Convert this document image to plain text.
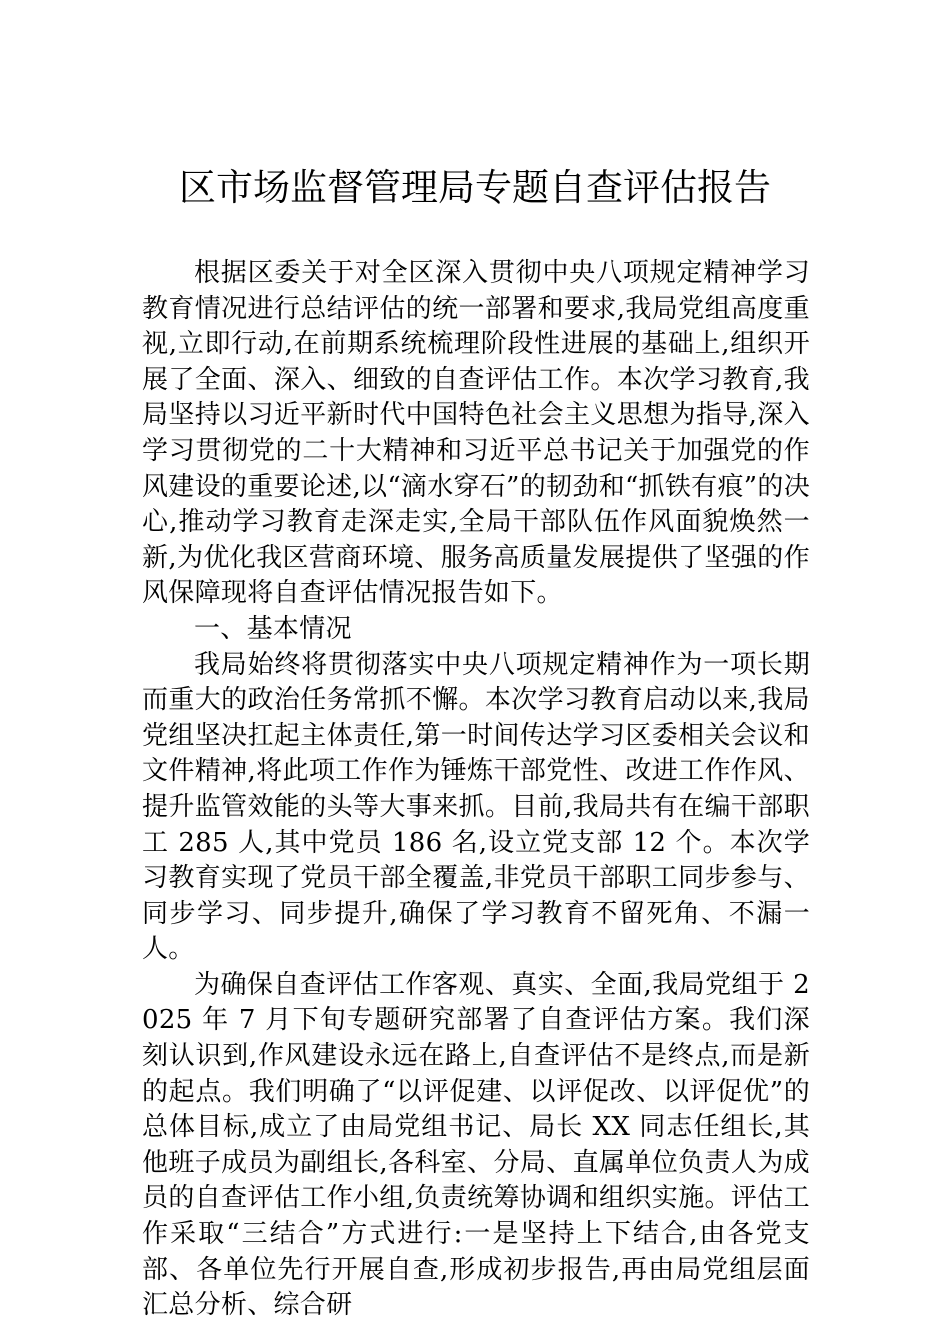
区市场监督管理局专题自查评估报告

根据区委关于对全区深入贯彻中央八项规定精神学习教育情况进行总结评估的统一部署和要求,我局党组高度重视,立即行动,在前期系统梳理阶段性进展的基础上,组织开展了全面、深入、细致的自查评估工作。本次学习教育,我局坚持以习近平新时代中国特色社会主义思想为指导,深入学习贯彻党的二十大精神和习近平总书记关于加强党的作风建设的重要论述,以“滴水穿石”的韧劲和“抓铁有痕”的决心,推动学习教育走深走实,全局干部队伍作风面貌焕然一新,为优化我区营商环境、服务高质量发展提供了坚强的作风保障现将自查评估情况报告如下。

一、基本情况

我局始终将贯彻落实中央八项规定精神作为一项长期而重大的政治任务常抓不懈。本次学习教育启动以来,我局党组坚决扛起主体责任,第一时间传达学习区委相关会议和文件精神,将此项工作作为锤炼干部党性、改进工作作风、提升监管效能的头等大事来抓。目前,我局共有在编干部职工 285 人,其中党员 186 名,设立党支部 12 个。本次学习教育实现了党员干部全覆盖,非党员干部职工同步参与、同步学习、同步提升,确保了学习教育不留死角、不漏一人。

为确保自查评估工作客观、真实、全面,我局党组于 2025 年 7 月下旬专题研究部署了自查评估方案。我们深刻认识到,作风建设永远在路上,自查评估不是终点,而是新的起点。我们明确了“以评促建、以评促改、以评促优”的总体目标,成立了由局党组书记、局长 XX 同志任组长,其他班子成员为副组长,各科室、分局、直属单位负责人为成员的自查评估工作小组,负责统筹协调和组织实施。评估工作采取“三结合”方式进行:一是坚持上下结合,由各党支部、各单位先行开展自查,形成初步报告,再由局党组层面汇总分析、综合研
